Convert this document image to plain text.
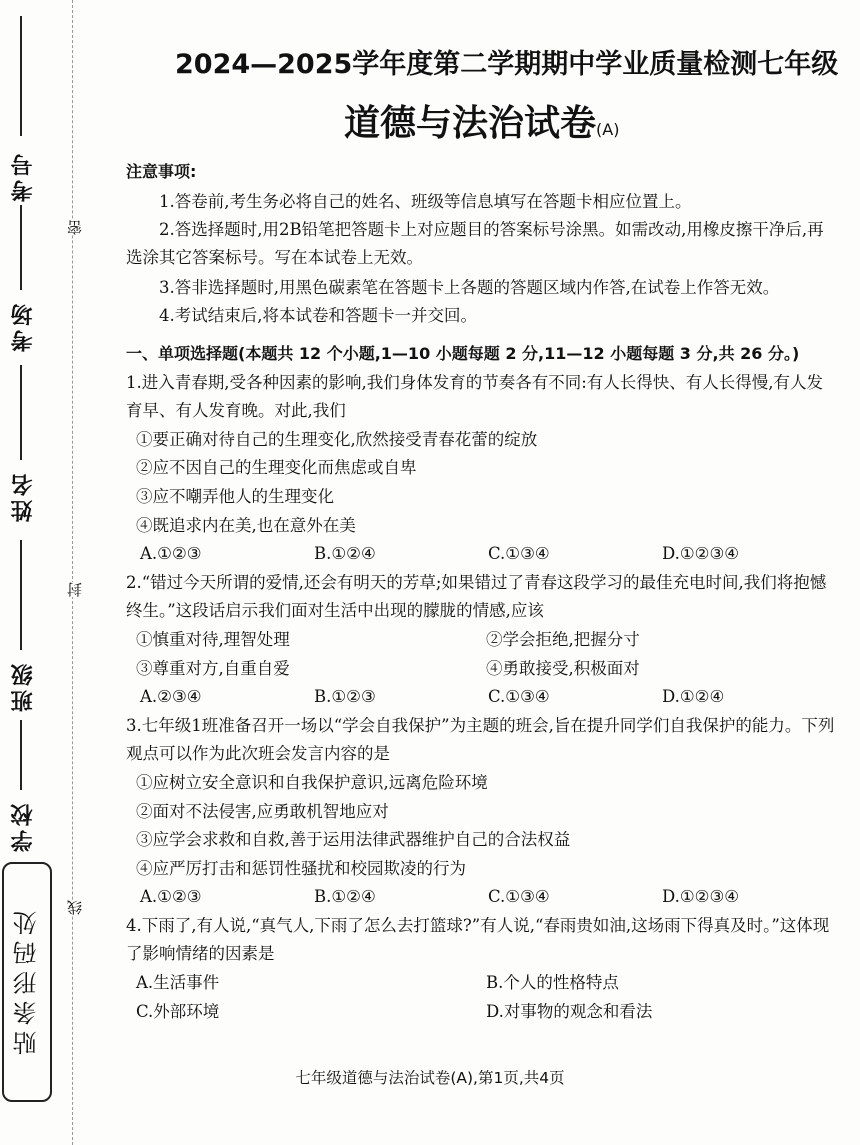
考号
考场
姓名
班级
学校
密
封
线
贴条形码处
2024—2025学年度第二学期期中学业质量检测七年级
道德与法治试卷(A)

注意事项:

1.答卷前,考生务必将自己的姓名、班级等信息填写在答题卡相应位置上。

2.答选择题时,用2B铅笔把答题卡上对应题目的答案标号涂黑。如需改动,用橡皮擦干净后,再选涂其它答案标号。写在本试卷上无效。

3.答非选择题时,用黑色碳素笔在答题卡上各题的答题区域内作答,在试卷上作答无效。

4.考试结束后,将本试卷和答题卡一并交回。

一、单项选择题(本题共 12 个小题,1—10 小题每题 2 分,11—12 小题每题 3 分,共 26 分。)

1.进入青春期,受各种因素的影响,我们身体发育的节奏各有不同:有人长得快、有人长得慢,有人发育早、有人发育晚。对此,我们

①要正确对待自己的生理变化,欣然接受青春花蕾的绽放

②应不因自己的生理变化而焦虑或自卑

③应不嘲弄他人的生理变化

④既追求内在美,也在意外在美

A.①②③	B.①②④	C.①③④	D.①②③④

2.“错过今天所谓的爱情,还会有明天的芳草;如果错过了青春这段学习的最佳充电时间,我们将抱憾终生。”这段话启示我们面对生活中出现的朦胧的情感,应该

①慎重对待,理智处理	②学会拒绝,把握分寸
③尊重对方,自重自爱	④勇敢接受,积极面对
A.②③④	B.①②③	C.①③④	D.①②④

3.七年级1班准备召开一场以“学会自我保护”为主题的班会,旨在提升同学们自我保护的能力。下列观点可以作为此次班会发言内容的是

①应树立安全意识和自我保护意识,远离危险环境

②面对不法侵害,应勇敢机智地应对

③应学会求救和自救,善于运用法律武器维护自己的合法权益

④应严厉打击和惩罚性骚扰和校园欺凌的行为

A.①②③	B.①②④	C.①③④	D.①②③④

4.下雨了,有人说,“真气人,下雨了怎么去打篮球?”有人说,“春雨贵如油,这场雨下得真及时。”这体现了影响情绪的因素是

A.生活事件	B.个人的性格特点
C.外部环境	D.对事物的观念和看法
七年级道德与法治试卷(A),第1页,共4页
